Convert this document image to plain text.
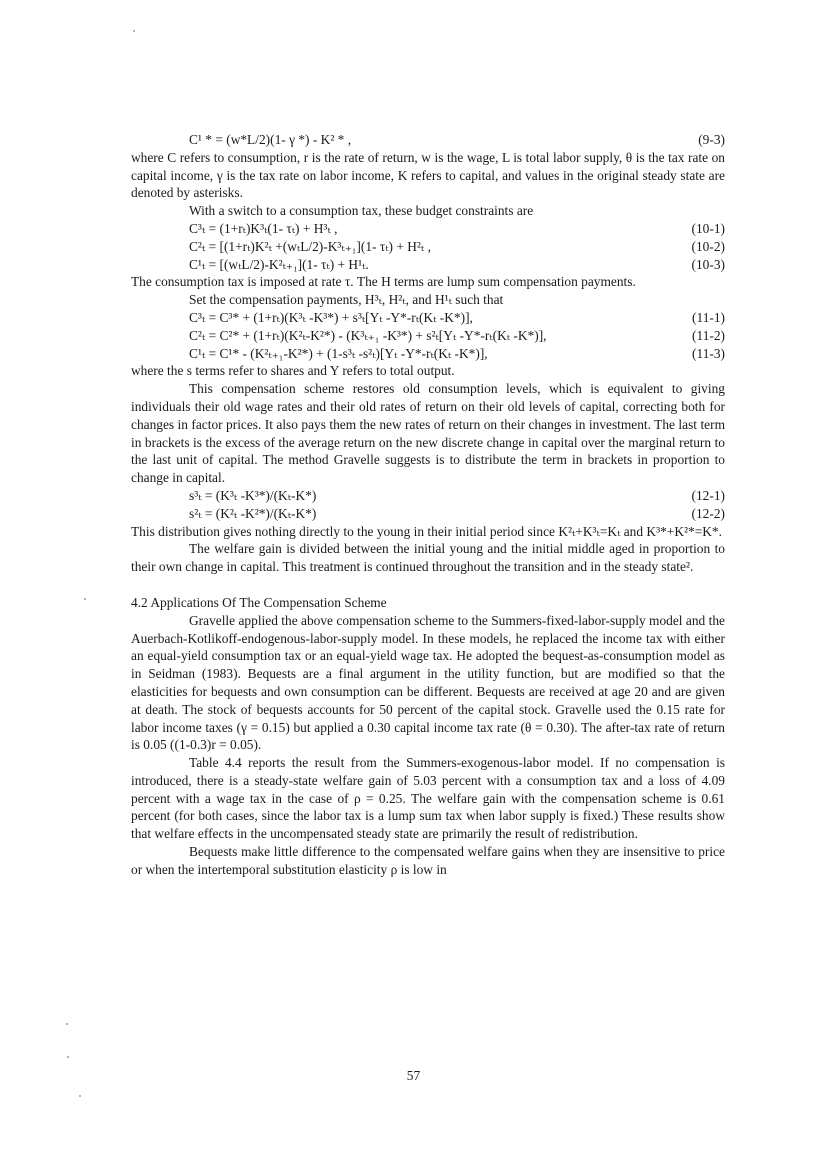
C¹ * = (w*L/2)(1- γ *) - K² * ,	(9-3)

where C refers to consumption, r is the rate of return, w is the wage, L is total labor supply, θ is the tax rate on capital income, γ is the tax rate on labor income, K refers to capital, and values in the original steady state are denoted by asterisks.

With a switch to a consumption tax, these budget constraints are

C³ₜ = (1+rₜ)K³ₜ(1- τₜ) + H³ₜ ,	(10-1)
C²ₜ = [(1+rₜ)K²ₜ +(wₜL/2)-K³ₜ₊₁](1- τₜ) + H²ₜ ,	(10-2)
C¹ₜ = [(wₜL/2)-K²ₜ₊₁](1- τₜ) + H¹ₜ.	(10-3)

The consumption tax is imposed at rate τ. The H terms are lump sum compensation payments.

Set the compensation payments, H³ₜ, H²ₜ, and H¹ₜ such that

C³ₜ = C³* + (1+rₜ)(K³ₜ -K³*) + s³ₜ[Yₜ -Y*-rₜ(Kₜ -K*)],	(11-1)
C²ₜ = C²* + (1+rₜ)(K²ₜ-K²*) - (K³ₜ₊₁ -K³*) + s²ₜ[Yₜ -Y*-rₜ(Kₜ -K*)],	(11-2)
C¹ₜ = C¹* - (K²ₜ₊₁-K²*) + (1-s³ₜ -s²ₜ)[Yₜ -Y*-rₜ(Kₜ -K*)],	(11-3)

where the s terms refer to shares and Y refers to total output.

This compensation scheme restores old consumption levels, which is equivalent to giving individuals their old wage rates and their old rates of return on their old levels of capital, correcting both for changes in factor prices. It also pays them the new rates of return on their changes in investment. The last term in brackets is the excess of the average return on the new discrete change in capital over the marginal return to the last unit of capital. The method Gravelle suggests is to distribute the term in brackets in proportion to change in capital.

s³ₜ = (K³ₜ -K³*)/(Kₜ-K*)	(12-1)
s²ₜ = (K²ₜ -K²*)/(Kₜ-K*)	(12-2)

This distribution gives nothing directly to the young in their initial period since K²ₜ+K³ₜ=Kₜ and K³*+K²*=K*.

The welfare gain is divided between the initial young and the initial middle aged in proportion to their own change in capital. This treatment is continued throughout the transition and in the steady state².

4.2 Applications Of The Compensation Scheme

Gravelle applied the above compensation scheme to the Summers-fixed-labor-supply model and the Auerbach-Kotlikoff-endogenous-labor-supply model. In these models, he replaced the income tax with either an equal-yield consumption tax or an equal-yield wage tax. He adopted the bequest-as-consumption model as in Seidman (1983). Bequests are a final argument in the utility function, but are modified so that the elasticities for bequests and own consumption can be different. Bequests are received at age 20 and are given at death. The stock of bequests accounts for 50 percent of the capital stock. Gravelle used the 0.15 rate for labor income taxes (γ = 0.15) but applied a 0.30 capital income tax rate (θ = 0.30). The after-tax rate of return is 0.05 ((1-0.3)r = 0.05).

Table 4.4 reports the result from the Summers-exogenous-labor model. If no compensation is introduced, there is a steady-state welfare gain of 5.03 percent with a consumption tax and a loss of 4.09 percent with a wage tax in the case of ρ = 0.25. The welfare gain with the compensation scheme is 0.61 percent (for both cases, since the labor tax is a lump sum tax when labor supply is fixed.) These results show that welfare effects in the uncompensated steady state are primarily the result of redistribution.

Bequests make little difference to the compensated welfare gains when they are insensitive to price or when the intertemporal substitution elasticity ρ is low in

57
